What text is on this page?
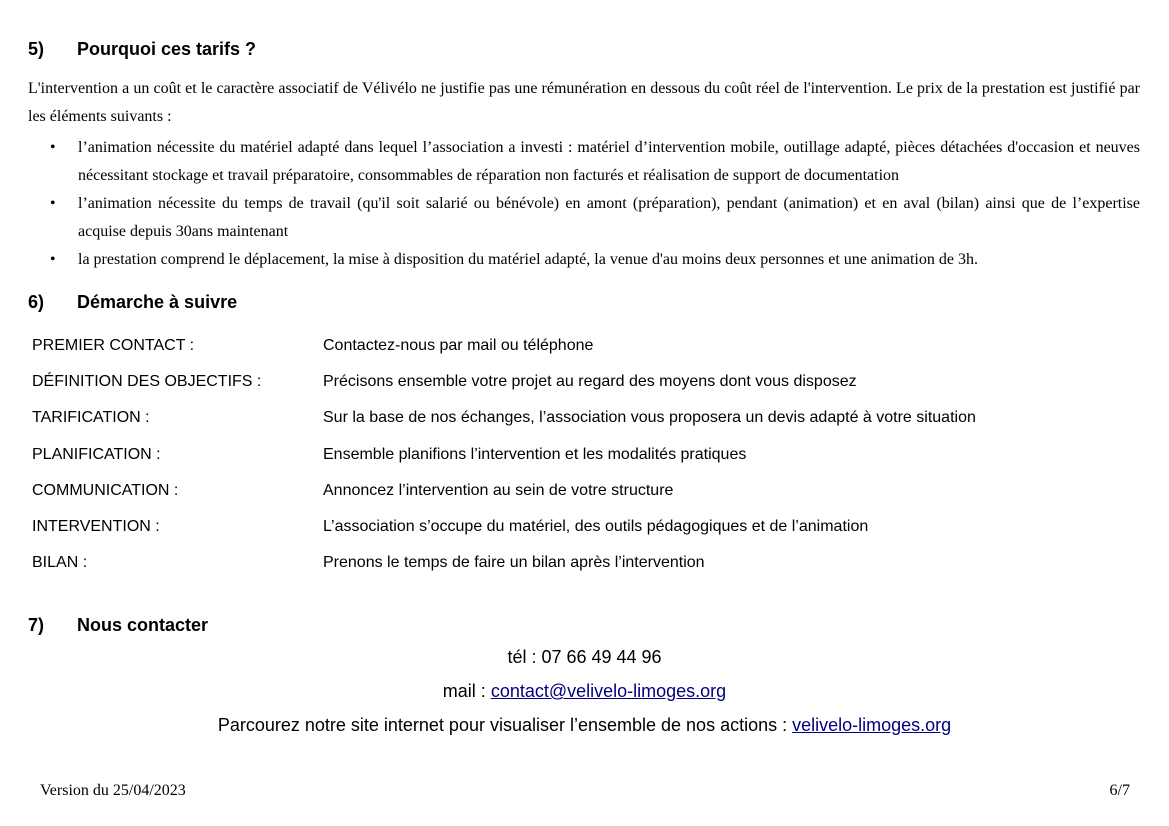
5) Pourquoi ces tarifs ?

L'intervention a un coût et le caractère associatif de Vélivélo ne justifie pas une rémunération en dessous du coût réel de l'intervention. Le prix de la prestation est justifié par les éléments suivants :

• l’animation nécessite du matériel adapté dans lequel l’association a investi : matériel d’intervention mobile, outillage adapté, pièces détachées d'occasion et neuves nécessitant stockage et travail préparatoire, consommables de réparation non facturés et réalisation de support de documentation
• l’animation nécessite du temps de travail (qu'il soit salarié ou bénévole) en amont (préparation), pendant (animation) et en aval (bilan) ainsi que de l’expertise acquise depuis 30ans maintenant
• la prestation comprend le déplacement, la mise à disposition du matériel adapté, la venue d'au moins deux personnes et une animation de 3h.
6) Démarche à suivre
PREMIER CONTACT :	Contactez-nous par mail ou téléphone
DÉFINITION DES OBJECTIFS :	Précisons ensemble votre projet au regard des moyens dont vous disposez
TARIFICATION :	Sur la base de nos échanges, l’association vous proposera un devis adapté à votre situation
PLANIFICATION :	Ensemble planifions l’intervention et les modalités pratiques
COMMUNICATION :	Annoncez l’intervention au sein de votre structure
INTERVENTION :	L’association s’occupe du matériel, des outils pédagogiques et de l’animation
BILAN :	Prenons le temps de faire un bilan après l’intervention
7) Nous contacter
tél : 07 66 49 44 96
mail : contact@velivelo-limoges.org
Parcourez notre site internet pour visualiser l’ensemble de nos actions : velivelo-limoges.org
Version du 25/04/2023	6/7
